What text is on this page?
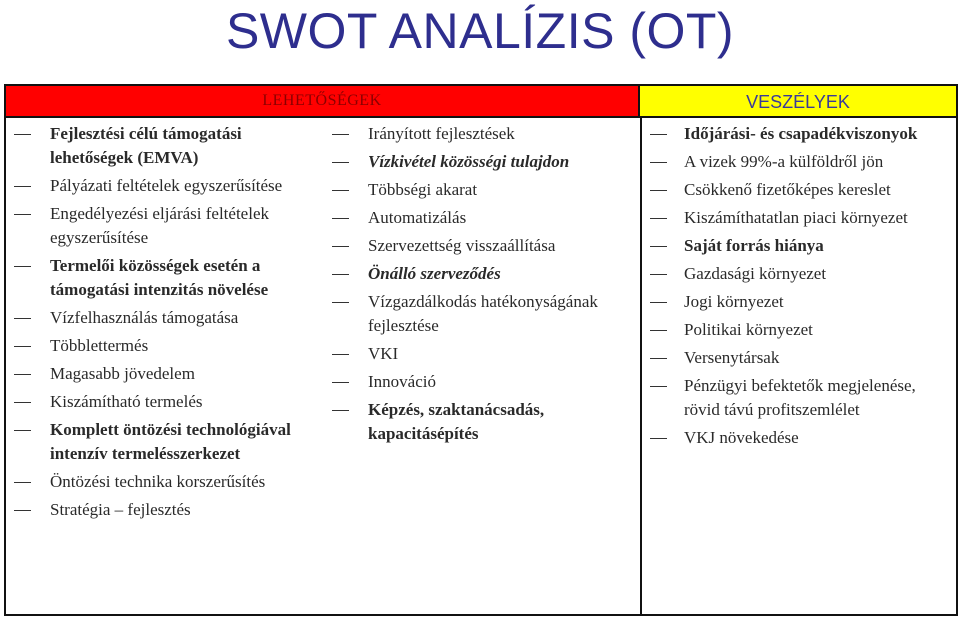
SWOT ANALÍZIS (OT)
LEHETŐSÉGEK	VESZÉLYEK
Fejlesztési célú támogatási lehetőségek (EMVA)
Pályázati feltételek egyszerűsítése
Engedélyezési eljárási feltételek egyszerűsítése
Termelői közösségek esetén a támogatási intenzitás növelése
Vízfelhasználás támogatása
Többlettermés
Magasabb jövedelem
Kiszámítható termelés
Komplett öntözési technológiával intenzív termelésszerkezet
Öntözési technika korszerűsítés
Stratégia – fejlesztés
Irányított fejlesztések
Vízkivétel közösségi tulajdon
Többségi akarat
Automatizálás
Szervezettség visszaállítása
Önálló szerveződés
Vízgazdálkodás hatékonyságának fejlesztése
VKI
Innováció
Képzés, szaktanácsadás, kapacitásépítés
Időjárási- és csapadékviszonyok
A vizek 99%-a külföldről jön
Csökkenő fizetőképes kereslet
Kiszámíthatatlan piaci környezet
Saját forrás hiánya
Gazdasági környezet
Jogi környezet
Politikai környezet
Versenytársak
Pénzügyi befektetők megjelenése, rövid távú profitszemlélet
VKJ növekedése
